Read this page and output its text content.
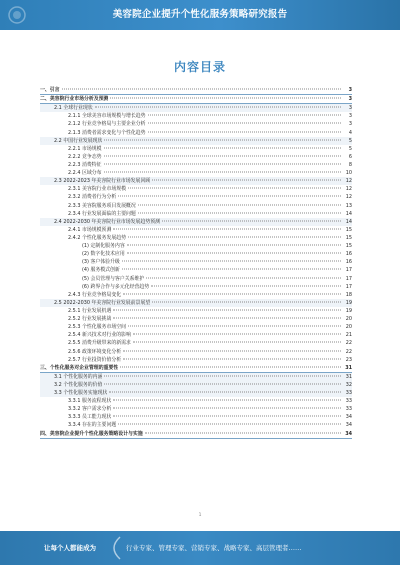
美容院企业提升个性化服务策略研究报告
内容目录
一、引言	3
二、美容院行业市场分析及预测	3
2.1 全球行业现状	3
2.1.1 全球美容市场规模与增长趋势	3
2.1.2 行业竞争格局与主要企业分析	3
2.1.3 消费者需求变化与个性化趋势	4
2.2 中国行业发展现状	5
2.2.1 市场规模	5
2.2.2 竞争态势	6
2.2.3 消费特征	8
2.2.4 区域分布	10
2.3 2022-2023 年美容院行业市场发展回顾	12
2.3.1 美容院行业市场规模	12
2.3.2 消费者行为分析	12
2.3.3 美容院服务项目发展概况	13
2.3.4 行业发展面临的主要问题	14
2.4 2022-2030 年美容院行业市场发展趋势预测	14
2.4.1 市场规模预测	15
2.4.2 个性化服务发展趋势	15
(1) 定制化服务内容	15
(2) 数字化技术应用	16
(3) 客户体验升级	16
(4) 服务模式创新	17
(5) 会员管理与客户关系维护	17
(6) 跨界合作与多元化经营趋势	17
2.4.3 行业竞争格局变化	18
2.5 2022-2030 年美容院行业发展前景展望	19
2.5.1 行业发展机遇	19
2.5.2 行业发展挑战	20
2.5.3 个性化服务市场空间	20
2.5.4 新兴技术对行业的影响	21
2.5.5 消费升级带来的新需求	22
2.5.6 政策环境变化分析	22
2.5.7 行业投资价值分析	23
三、个性化服务对企业管理的重要性	31
3.1 个性化服务的内涵	31
3.2 个性化服务的价值	32
3.3 个性化服务实施现状	33
3.3.1 服务流程现状	33
3.3.2 客户需求分析	33
3.3.3 员工能力现状	34
3.3.4 存在的主要问题	34
四、美容院企业提升个性化服务策略设计与实施	34
1
让每个人都能成为	行业专家、管理专家、营销专家、战略专家、高层管理者……
